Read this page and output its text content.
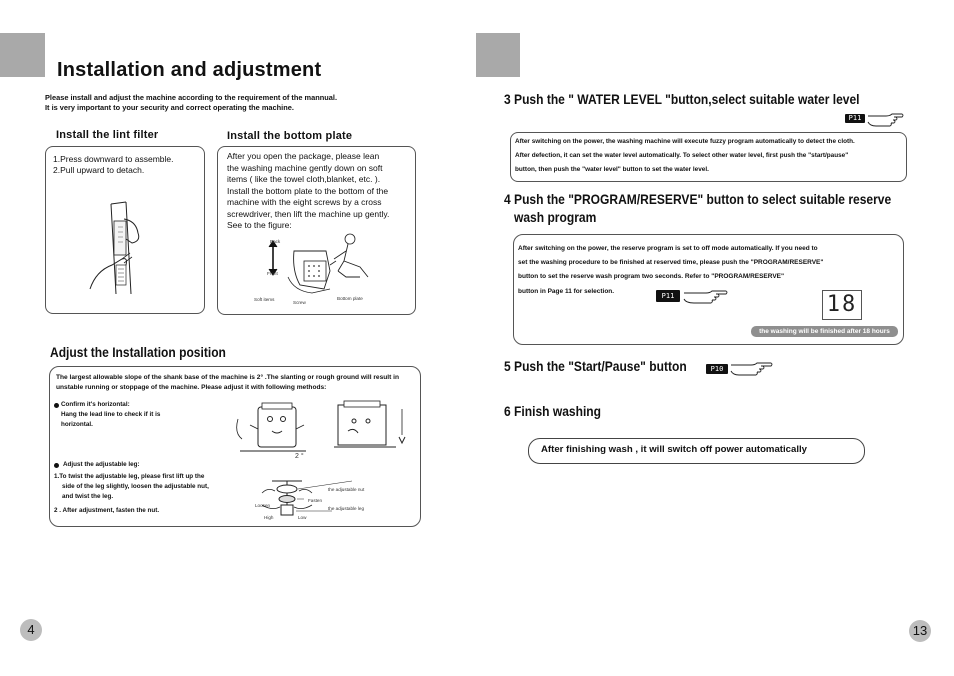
Installation and adjustment
Please install and adjust the machine according to the requirement of the mannual.
It is very important to your security and correct operating the machine.
Install the lint filter
1.Press downward to assemble.
2.Pull upward to detach.
Install the bottom plate
After you open the package, please lean
the washing machine gently down on soft
items ( like the towel cloth,blanket, etc. ).
Install the bottom plate to the bottom of the
machine with the eight screws by a cross
screwdriver, then lift the machine up gently.
See to the figure:
Back
Front
Soft items
Screw
Bottom plate
Adjust the Installation position
The largest allowable slope of the shank base of the machine is 2° .The slanting or rough ground will result in
unstable running or stoppage of the machine. Please adjust it with following methods:
Confirm it's horizontal:
Hang the lead line to check if it is
horizontal.
2 °
Adjust the adjustable leg:
1.To twist the adjustable leg, please first lift up the
side of the leg slightly, loosen the adjustable nut,
and twist the leg.
2 . After adjustment, fasten the nut.
the adjustable nut
Fasten
Loosen
the adjustable leg
High	Low
4
3 Push the " WATER LEVEL "button,select suitable water level
P11
After switching on the power, the washing machine will execute fuzzy program automatically to detect the cloth.
After defection, it can set the water level automatically. To select other water level, first push the "start/pause"
button, then push the "water level" button to set the water level.
4 Push the "PROGRAM/RESERVE" button to select suitable reserve
wash program
After switching on the power, the reserve program is set to off mode automatically. If you need to
set the washing procedure to be finished at reserved time, please push the "PROGRAM/RESERVE"
button to set the reserve wash program two seconds. Refer to "PROGRAM/RESERVE"
button in Page 11 for selection.
P11	18
the washing will be finished after 18 hours
5 Push the "Start/Pause" button	P10
6 Finish washing
After finishing wash , it will switch off power automatically
13
